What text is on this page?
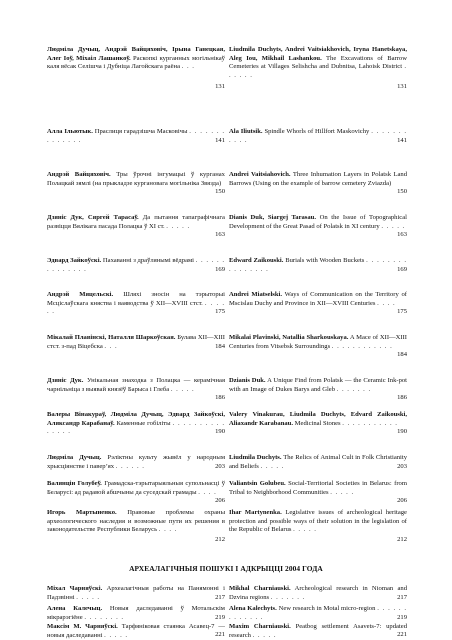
Людміла Дучыц, Андрэй Вайцяховіч, Ірына Ганецкая, Алег Іоў, Міхаіл Лашанкоў. Раскопкі курганных могільнікаў каля вёсак Селішча і Дубніца Лагойскага раёна . . .
131
Алла Ільютык. Праслиця гарадзішча Масковічы . . . . . . . . . . . . . .	141
Андрэй Вайцяховіч. Тры ўрочні інгумацыі ў курганах Полацкай зямлі (на прыкладзе кургановага могільніка Звязда)
150
Дзяніс Дук, Сяргей Тарасаў. Да пытання тапаграфічнага развіцця Вялікага пасада Полацка ў XI ст. . . . . .
163
Эдвард Зайкоўскі. Пахаванні з драўлянымі вёдрамі . . . . . . . . . . . . . .	169
Андрэй Мяцельскі. Шляхі зносін на тэрыторыі Мсціслаўскага княства і ваяводства ў XII—XVIII стст. . . . . . .	175
Мікалай Плавінскі, Наталля Шаркоўская. Булава XII—XIII стст. з-пад Віцебска . . .	184
Дзяніс Дук. Унікальная знаходка з Полацка — керамічная чарнільніца з выявай князёў Барыса і Глеба . . . . .
186
Валеры Вінакураў, Людміла Дучыц, Эдвард Зайкоўскі, Аляксандр Карабанаў. Каменные гобіліты . . . . . . . . . . . . . . .	190
Людміла Дучыц. Рэліктны культу жывёл у народным хрысціянстве і паверʼях . . . . . .	203
Валянцін Голубеў. Грамадска-тэрытарыяльныя супольнасці ў Беларусі: ад радавой абшчыны да суседскай грамады . . . .
206
Игорь Мартыненко. Правовые проблемы охраны археологического наследия и возможные пути их решения в законодательстве Республики Беларусь . . . .
212
Liudmila Duchyts, Andrei Vaitsiakhovich, Iryna Hanetskaya, Aleg Iou, Mikhail Lashankou. The Excavations of Barrow Cemeteries at Villages Selishcha and Dubnitsa, Lahoisk District . . . . . .
131
Ala Iliutsik. Spindle Whorls of Hillfort Maskovichy . . . . . . . . . . .	141
Andrei Vaitsiahovich. Three Inhumation Layers in Polatsk Land Barrows (Using on the example of barrow cemetery Zviazda)
150
Dianis Duk, Siargej Tarasau. On the Issue of Topographical Development of the Great Pasad of Polatsk in XI century . . . . .
163
Edward Zaikouski. Burials with Wooden Buckets . . . . . . . . . . . . . . . .	169
Andrei Miatselski. Ways of Communication on the Territory of Mscislau Duchy and Province in XII—XVIII Centuries . . . .
175
Mikalai Plavinski, Natallia Sharkouskaya. A Mace of XII—XIII Centuries from Vitsebsk Surroundings . . . . . . . . . . . .
184
Dzianis Duk. A Unique Find from Polatsk — the Ceramic Ink-pot with an Image of Dukes Barys and Gleb . . . . . . .
186
Valery Vinakurau, Liudmila Duchyts, Edvard Zaikouski, Aliaxandr Karabanau. Medicinal Stones . . . . . . . . . . .
190
Liudmila Duchyts. The Relics of Animal Cult in Folk Christianity and Beliefs . . . . .	203
Valiantsin Golubeu. Social-Territorial Societies in Belarus: from Tribal to Neighborhood Communities . . . . .
206
Ihar Martynenka. Legislative issues of archeological heritage protection and possible ways of their solution in the legislation of the Republic of Belarus . . . . .
212
АРХЕАЛАГІЧНЫЯ ПОШУКІ І АДКРЫЦЦІ 2004 ГОДА
Міхал Чарняўскі. Археалагічныя работы на Панямонні і Падзвінні . . . . .	217
Алена Калечыц. Новыя даследаванні ў Мотальскім мікрарэгіёне . . . . . . . .	219
Максім М. Чарняўскі. Тарфяніковая стаянка Асавец-7 — новыя даследаванні . . . . .	221
Mikhal Charniauski. Archeological research in Nioman and Dzvina regions . . . . . . .	217
Alena Kalechyts. New research in Motal micro-region . . . . . . . . . . . . .	219
Maxim Charniauski. Peatbog settlement Asavets-7: updated research . . . . .	221
